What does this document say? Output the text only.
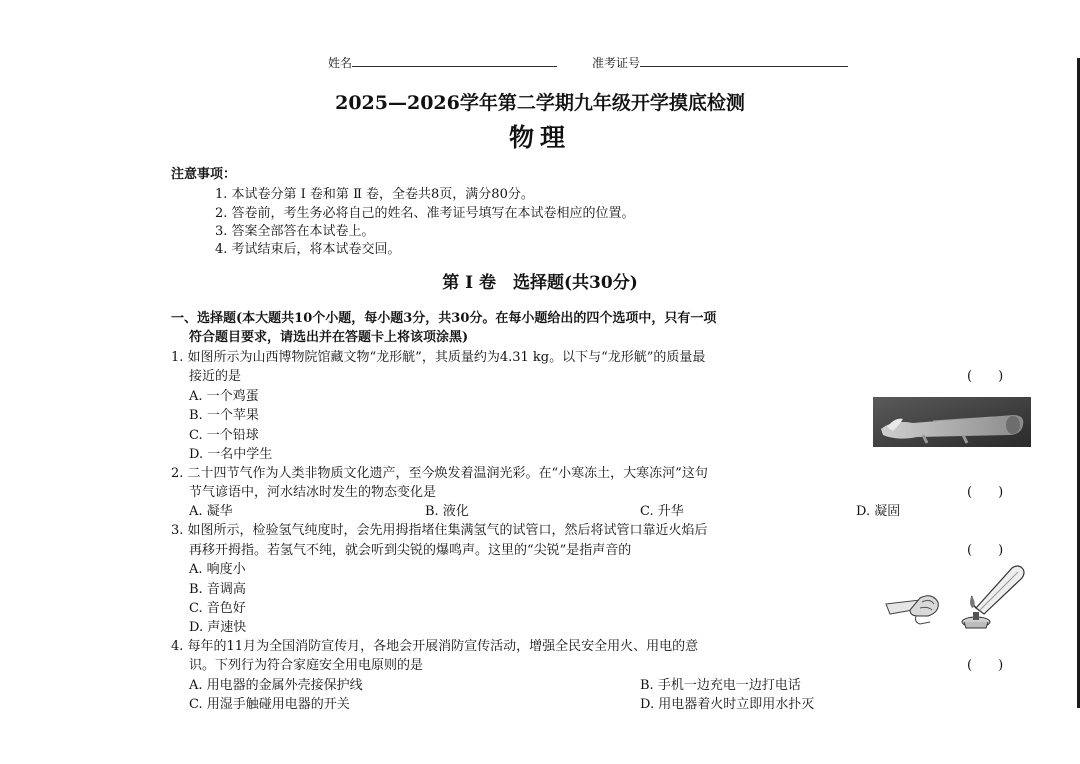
姓名	准考证号
2025—2026学年第二学期九年级开学摸底检测
物理
注意事项：
1. 本试卷分第 Ⅰ 卷和第 Ⅱ 卷，全卷共8页，满分80分。
2. 答卷前，考生务必将自己的姓名、准考证号填写在本试卷相应的位置。
3. 答案全部答在本试卷上。
4. 考试结束后，将本试卷交回。
第 Ⅰ 卷　选择题(共30分)
一、选择题(本大题共10个小题，每小题3分，共30分。在每小题给出的四个选项中，只有一项
符合题目要求，请选出并在答题卡上将该项涂黑)
1. 如图所示为山西博物院馆藏文物“龙形觥”，其质量约为4.31 kg。以下与“龙形觥”的质量最
接近的是	(　　)
A. 一个鸡蛋
B. 一个苹果
C. 一个铅球
D. 一名中学生
2. 二十四节气作为人类非物质文化遗产，至今焕发着温润光彩。在“小寒冻土，大寒冻河”这句
节气谚语中，河水结冰时发生的物态变化是	(　　)
A. 凝华	B. 液化	C. 升华	D. 凝固
3. 如图所示，检验氢气纯度时，会先用拇指堵住集满氢气的试管口，然后将试管口靠近火焰后
再移开拇指。若氢气不纯，就会听到尖锐的爆鸣声。这里的“尖锐”是指声音的	(　　)
A. 响度小
B. 音调高
C. 音色好
D. 声速快
4. 每年的11月为全国消防宣传月，各地会开展消防宣传活动，增强全民安全用火、用电的意
识。下列行为符合家庭安全用电原则的是	(　　)
A. 用电器的金属外壳接保护线	B. 手机一边充电一边打电话
C. 用湿手触碰用电器的开关	D. 用电器着火时立即用水扑灭
